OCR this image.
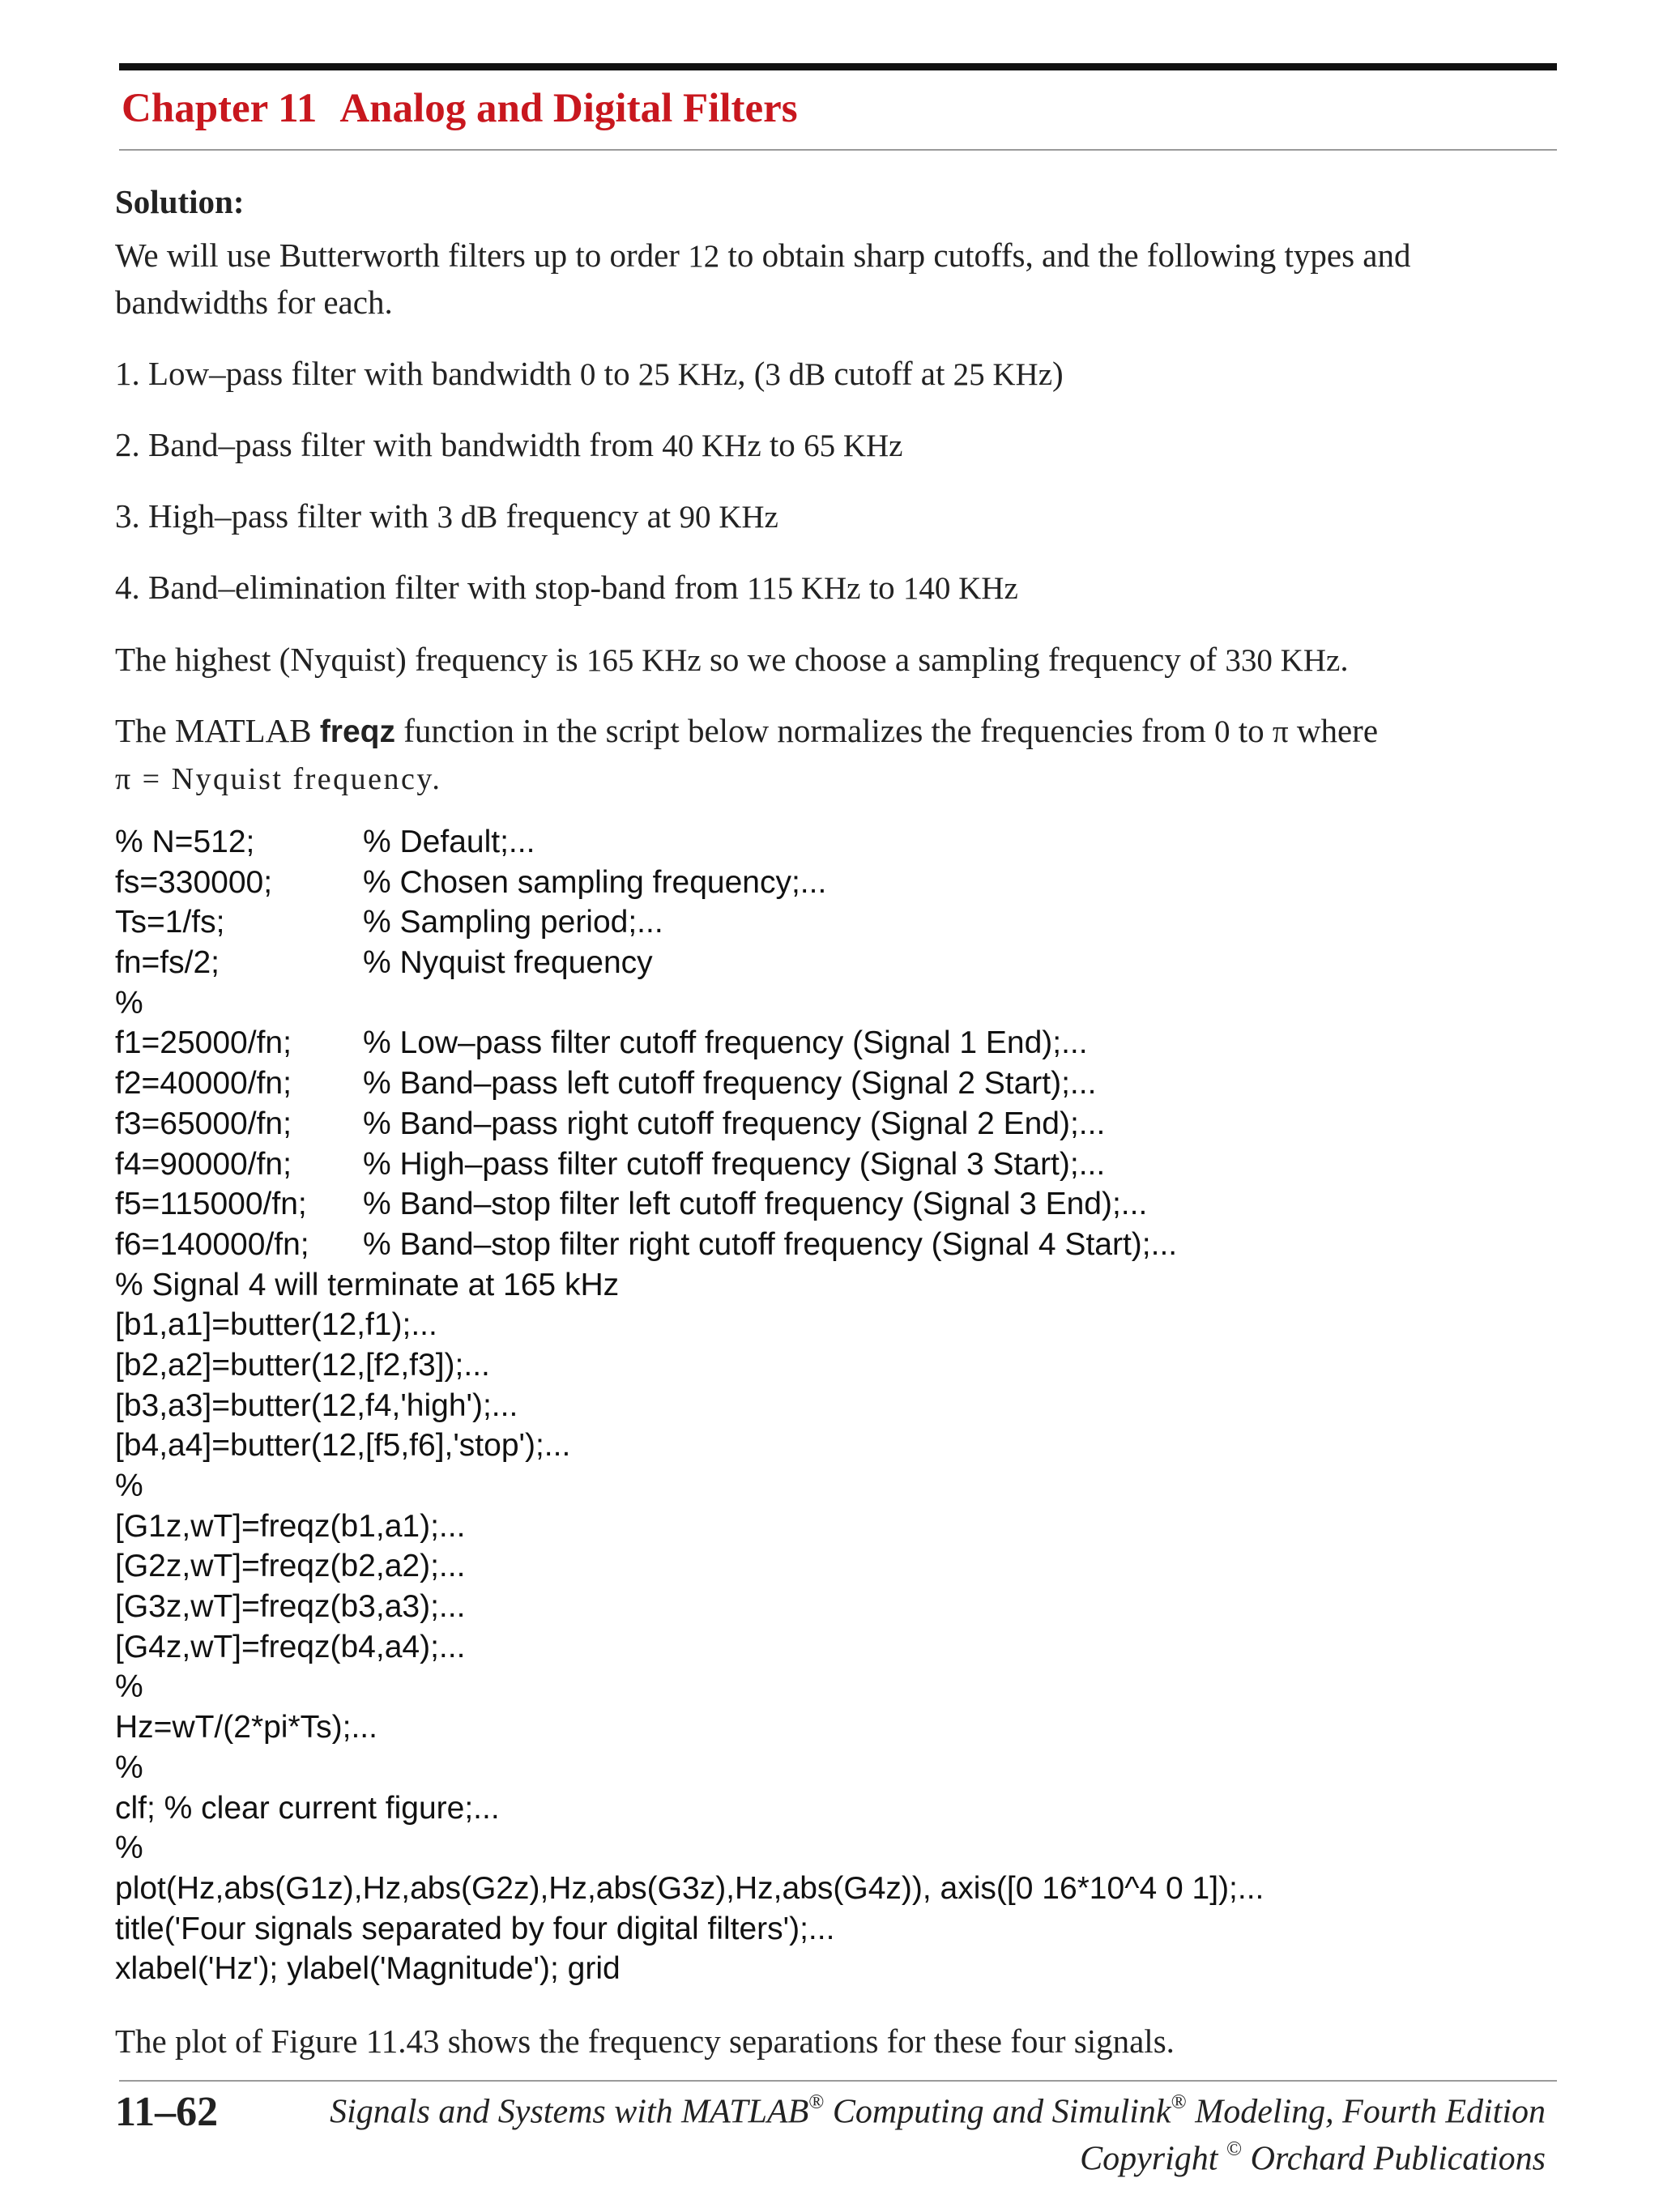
Chapter 11 Analog and Digital Filters
Solution:

We will use Butterworth filters up to order 12 to obtain sharp cutoffs, and the following types and bandwidths for each.

1. Low–pass filter with bandwidth 0 to 25 KHz, (3 dB cutoff at 25 KHz)

2. Band–pass filter with bandwidth from 40 KHz to 65 KHz

3. High–pass filter with 3 dB frequency at 90 KHz

4. Band–elimination filter with stop-band from 115 KHz to 140 KHz

The highest (Nyquist) frequency is 165 KHz so we choose a sampling frequency of 330 KHz.

The MATLAB freqz function in the script below normalizes the frequencies from 0 to π where
π = Nyquist frequency.

% N=512;	% Default;...
fs=330000;	% Chosen sampling frequency;...
Ts=1/fs;	% Sampling period;...
fn=fs/2;	% Nyquist frequency
%
f1=25000/fn; % Low–pass filter cutoff frequency (Signal 1 End);...
f2=40000/fn; % Band–pass left cutoff frequency (Signal 2 Start);...
f3=65000/fn; % Band–pass right cutoff frequency (Signal 2 End);...
f4=90000/fn; % High–pass filter cutoff frequency (Signal 3 Start);...
f5=115000/fn; % Band–stop filter left cutoff frequency (Signal 3 End);...
f6=140000/fn; % Band–stop filter right cutoff frequency (Signal 4 Start);...
% Signal 4 will terminate at 165 kHz
[b1,a1]=butter(12,f1);...
[b2,a2]=butter(12,[f2,f3]);...
[b3,a3]=butter(12,f4,'high');...
[b4,a4]=butter(12,[f5,f6],'stop');...
%
[G1z,wT]=freqz(b1,a1);...
[G2z,wT]=freqz(b2,a2);...
[G3z,wT]=freqz(b3,a3);...
[G4z,wT]=freqz(b4,a4);...
%
Hz=wT/(2*pi*Ts);...
%
clf; % clear current figure;...
%
plot(Hz,abs(G1z),Hz,abs(G2z),Hz,abs(G3z),Hz,abs(G4z)), axis([0 16*10^4 0 1]);...
title('Four signals separated by four digital filters');...
xlabel('Hz'); ylabel('Magnitude'); grid

The plot of Figure 11.43 shows the frequency separations for these four signals.

11–62	Signals and Systems with MATLAB® Computing and Simulink® Modeling, Fourth Edition
Copyright © Orchard Publications
